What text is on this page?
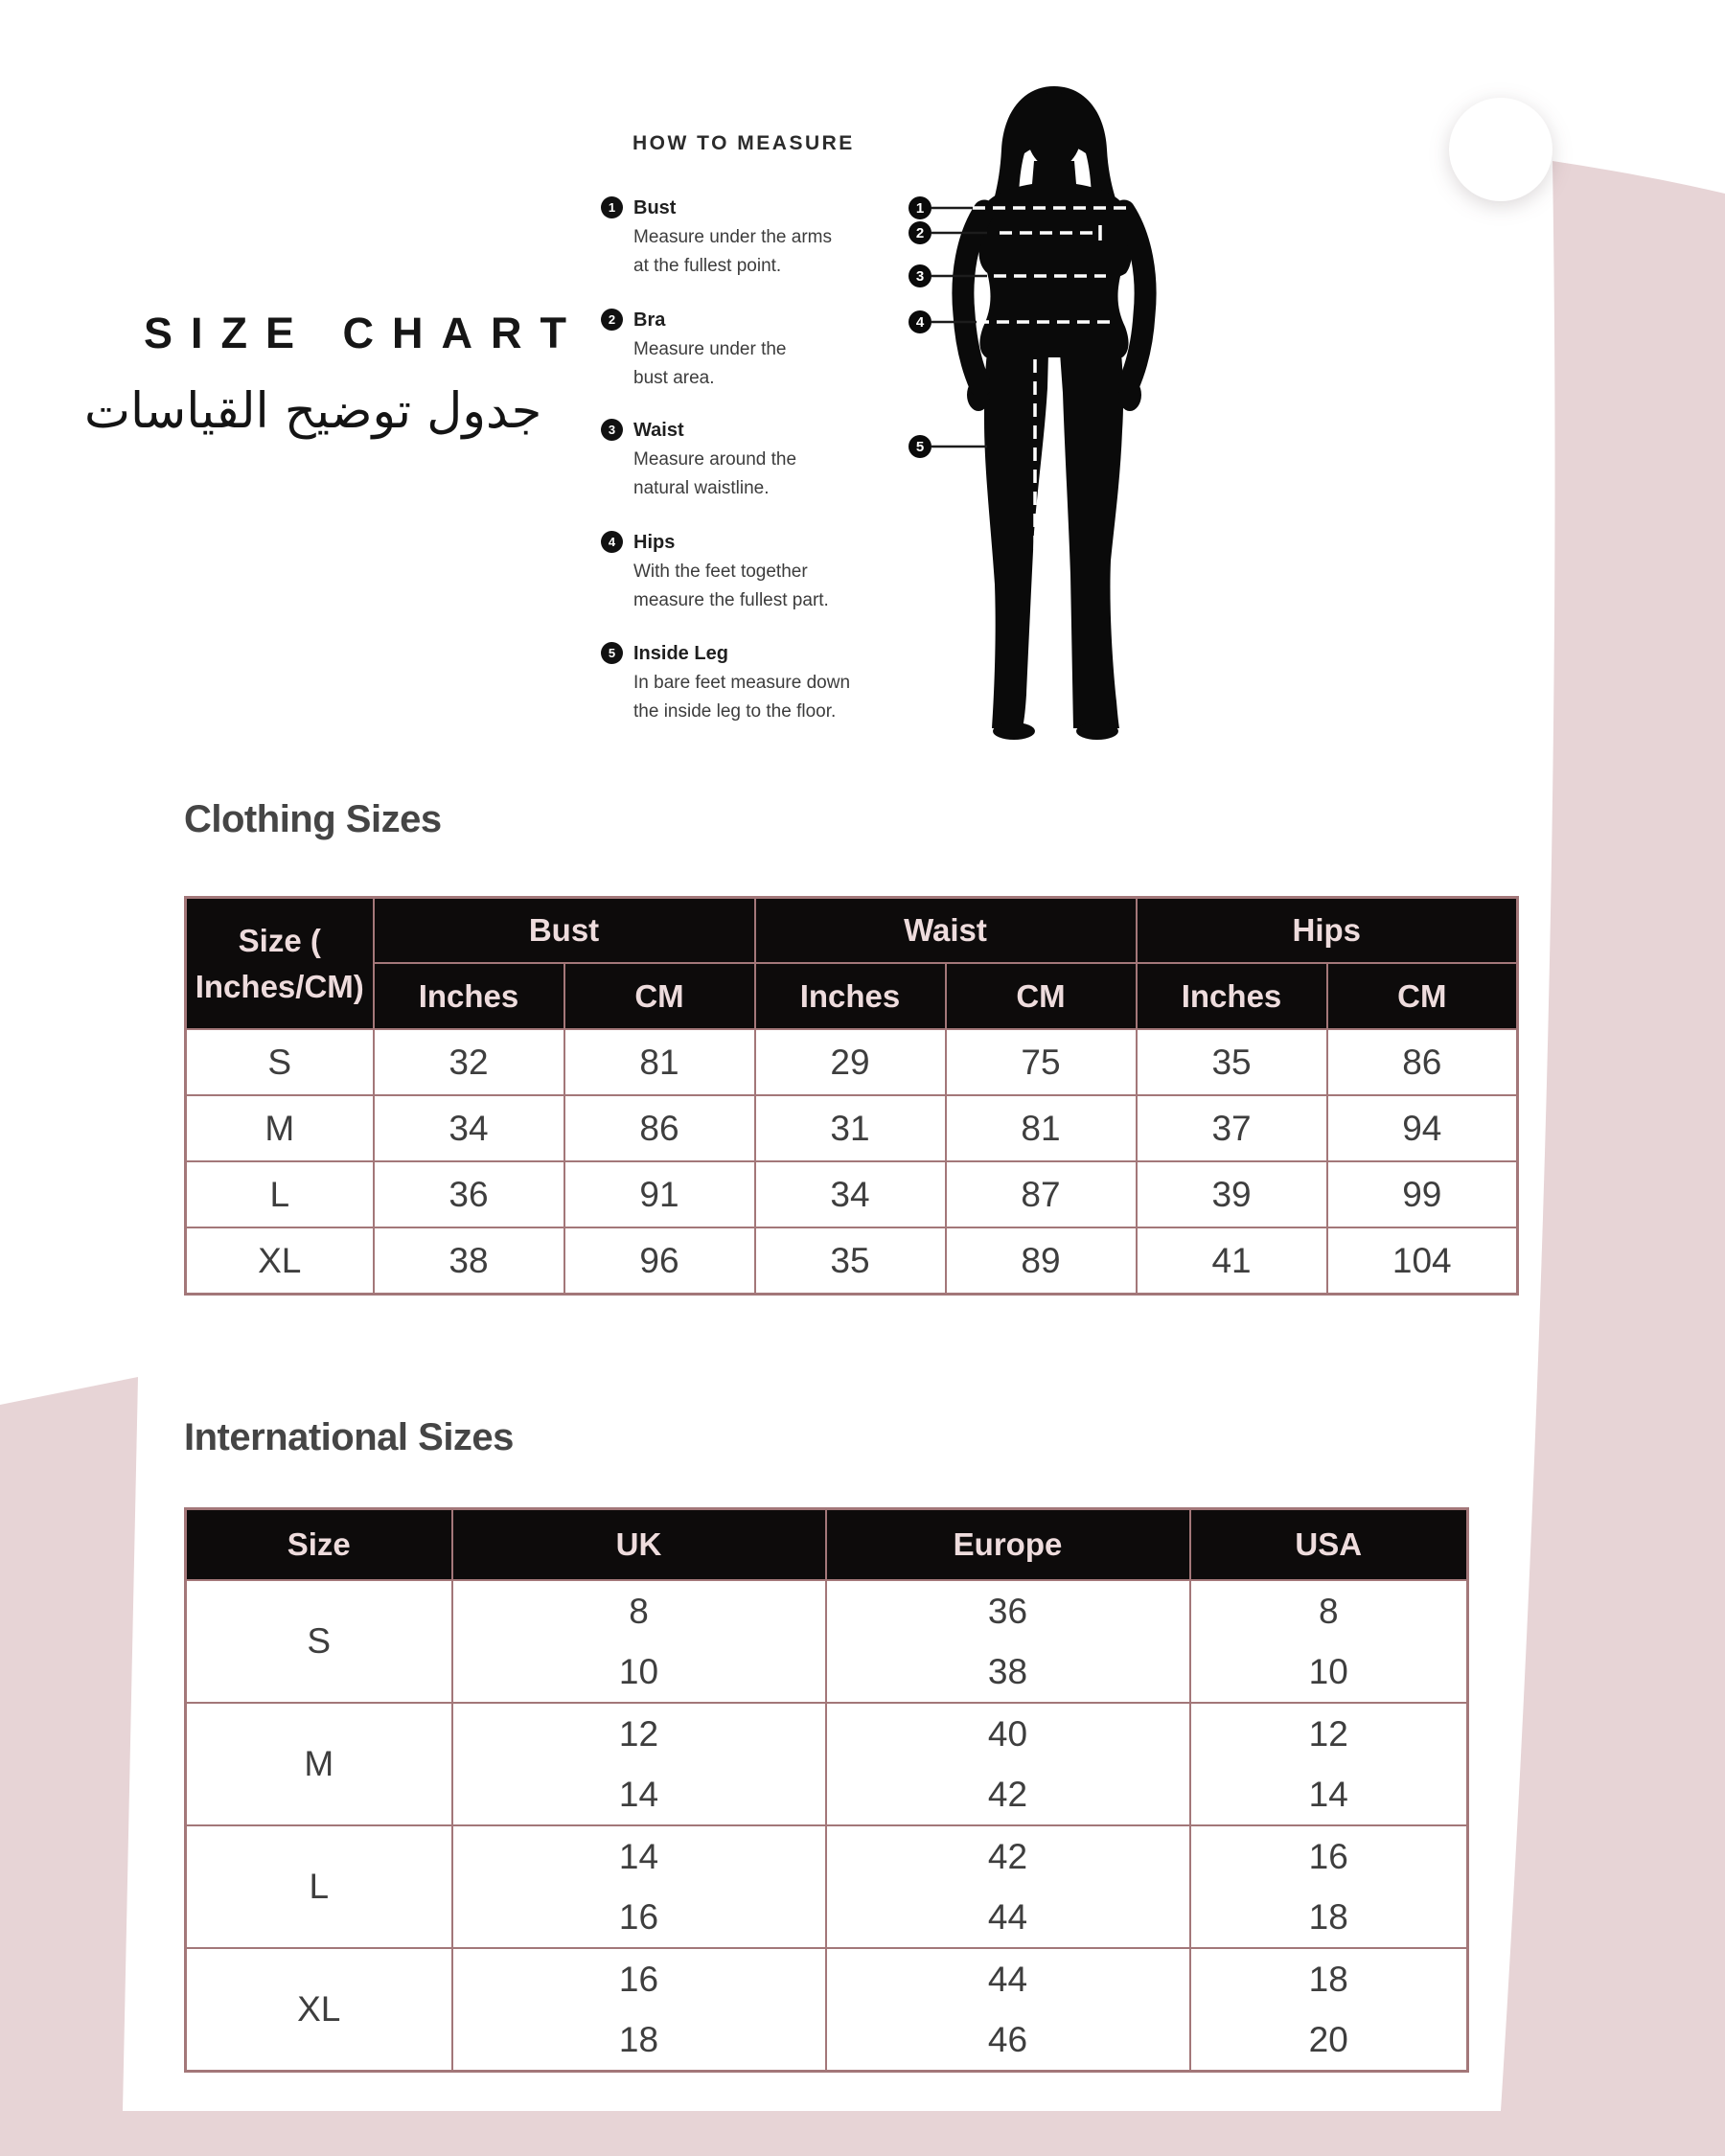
SIZE CHART
جدول توضيح القياسات
HOW TO MEASURE
1 Bust
Measure under the arms
at the fullest point.
2 Bra
Measure under the
bust area.
3 Waist
Measure around the
natural waistline.
4 Hips
With the feet together
measure the fullest part.
5 Inside Leg
In bare feet measure down
the inside leg to the floor.
1
2
3
4
5
Clothing Sizes
Size (
Inches/CM)	Bust		Waist		Hips	
	Inches	CM	Inches	CM	Inches	CM
S	32	81	29	75	35	86
M	34	86	31	81	37	94
L	36	91	34	87	39	99
XL	38	96	35	89	41	104
International Sizes
Size	UK	Europe	USA
S	
8
10

36
38

8
10

M	
12
14

40
42

12
14

L	
14
16

42
44

16
18

XL	
16
18

44
46

18
20
